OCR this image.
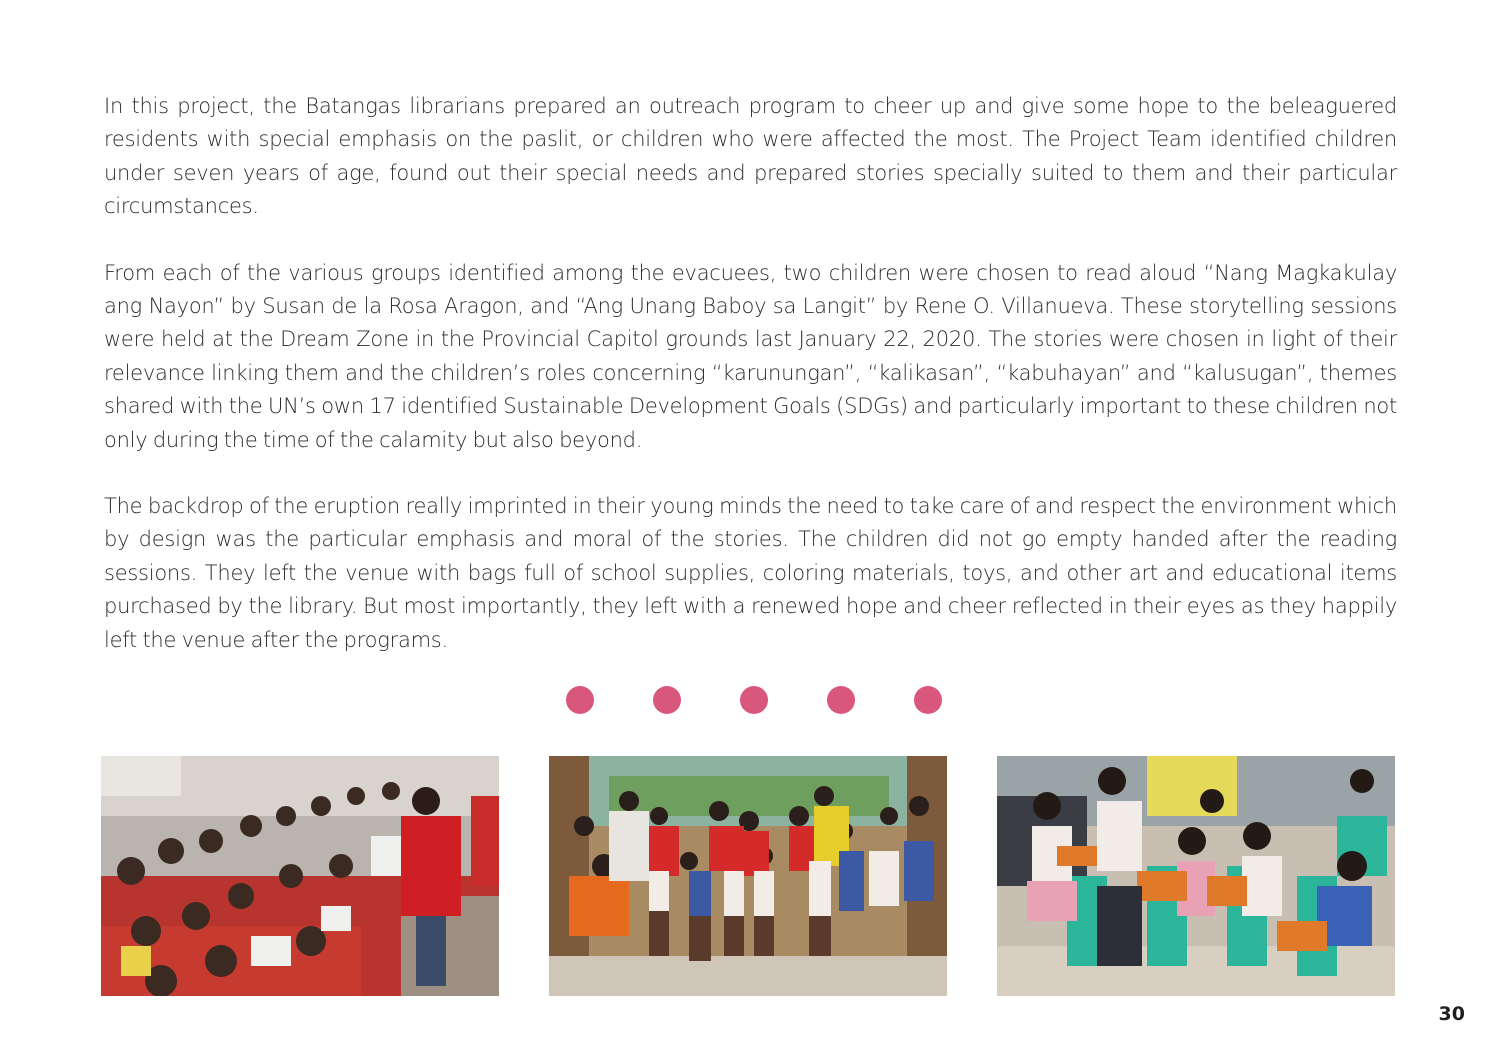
In this project, the Batangas librarians prepared an outreach program to cheer up and give some hope to the beleaguered residents with special emphasis on the paslit, or children who were affected the most. The Project Team identified children under seven years of age, found out their special needs and prepared stories specially suited to them and their particular circumstances.

From each of the various groups identified among the evacuees, two children were chosen to read aloud “Nang Magkakulay ang Nayon” by Susan de la Rosa Aragon, and “Ang Unang Baboy sa Langit” by Rene O. Villanueva. These storytelling sessions were held at the Dream Zone in the Provincial Capitol grounds last January 22, 2020. The stories were chosen in light of their relevance linking them and the children’s roles concerning “karunungan”, “kalikasan”, “kabuhayan” and “kalusugan”, themes shared with the UN’s own 17 identified Sustainable Development Goals (SDGs) and particularly important to these children not only during the time of the calamity but also beyond.

The backdrop of the eruption really imprinted in their young minds the need to take care of and respect the environment which by design was the particular emphasis and moral of the stories. The children did not go empty handed after the reading sessions. They left the venue with bags full of school supplies, coloring materials, toys, and other art and educational items purchased by the library. But most importantly, they left with a renewed hope and cheer reflected in their eyes as they happily left the venue after the programs.

30
